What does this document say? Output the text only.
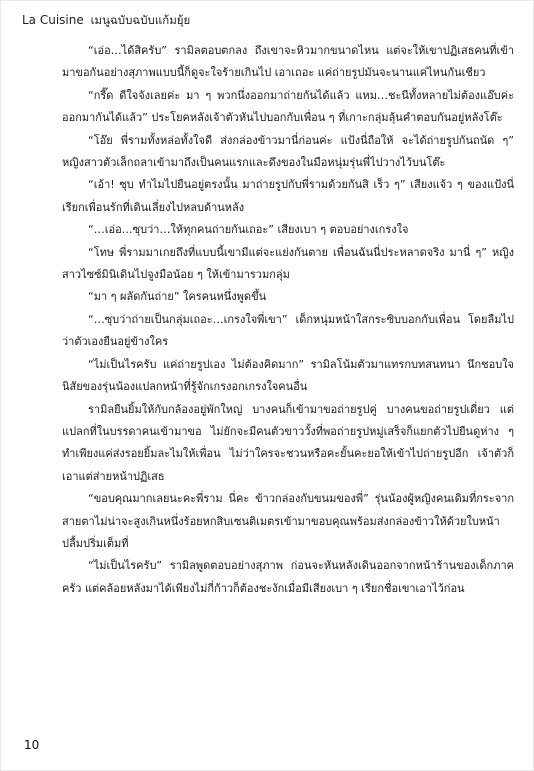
La Cuisine เมนูฉบับฉบับแก้มยุ้ย

“เอ่อ…ได้สิครับ” รามิลตอบตกลง ถึงเขาจะหิวมากขนาดไหน แต่จะให้เขาปฏิเสธคนที่เข้ามาขอกันอย่างสุภาพแบบนี้ก็ดูจะใจร้ายเกินไป เอาเถอะ แค่ถ่ายรูปมันจะนานแค่ไหนกันเชียว

“กรี๊ด ดีใจจังเลยค่ะ มา ๆ พวกนึ่งออกมาถ่ายกันได้แล้ว แหม…ชะนีทั้งหลายไม่ต้องแอ๊บค่ะ ออกมากันได้แล้ว” ประโยคหลังเจ้าตัวหันไปบอกกับเพื่อน ๆ ที่เกาะกลุ่มลุ้นคำตอบกันอยู่หลังโต๊ะ

“โอ๊ย พี่รามทั้งหล่อทั้งใจดี ส่งกล่องข้าวมานี่ก่อนค่ะ แป้งนี่ถือให้ จะได้ถ่ายรูปกันถนัด ๆ” หญิงสาวตัวเล็กถลาเข้ามาถึงเป็นคนแรกและดึงของในมือหนุ่มรุ่นพี่ไปวางไว้บนโต๊ะ

“เอ้า! ซุบ ทำไมไปยืนอยู่ตรงนั้น มาถ่ายรูปกับพี่รามด้วยกันสิ เร็ว ๆ” เสียงแจ้ว ๆ ของแป้งนี่เรียกเพื่อนรักที่เดินเลี่ยงไปหลบด้านหลัง

“…เอ่อ…ซุบว่า…ให้ทุกคนถ่ายกันเถอะ” เสียงเบา ๆ ตอบอย่างเกรงใจ

“โทษ พี่รามมาเกยถึงที่แบบนี้เขามีแต่จะแย่งกันตาย เพื่อนฉันนี่ประหลาดจริง มานี่ ๆ” หญิงสาวไซซ์มินิเดินไปจูงมือน้อย ๆ ให้เข้ามารวมกลุ่ม

“มา ๆ ผลัดกันถ่าย” ใครคนหนึ่งพูดขึ้น

“…ซุบว่าถ่ายเป็นกลุ่มเถอะ…เกรงใจพี่เขา” เด็กหนุ่มหน้าใสกระซิบบอกกับเพื่อน โดยลืมไปว่าตัวเองยืนอยู่ข้างใคร

“ไม่เป็นไรครับ แค่ถ่ายรูปเอง ไม่ต้องคิดมาก” รามิลโน้มตัวมาแทรกบทสนทนา นึกชอบใจนิสัยของรุ่นน้องแปลกหน้าที่รู้จักเกรงอกเกรงใจคนอื่น

รามิลยืนยิ้มให้กับกล้องอยู่พักใหญ่ บางคนก็เข้ามาขอถ่ายรูปคู่ บางคนขอถ่ายรูปเดี่ยว แต่แปลกที่ในบรรดาคนเข้ามาขอ ไม่ยักจะมีคนตัวขาววั้งที่พอถ่ายรูปหมู่เสร็จก็แยกตัวไปยืนดูห่าง ๆ ทำเพียงแค่ส่งรอยยิ้มละไมให้เพื่อน ไม่ว่าใครจะชวนหรือคะยั้นคะยอให้เข้าไปถ่ายรูปอีก เจ้าตัวก็เอาแต่ส่ายหน้าปฏิเสธ

“ขอบคุณมากเลยนะคะพี่ราม นี่คะ ข้าวกล่องกับขนมของพี่” รุ่นน้องผู้หญิงคนเดิมที่กระจากสายตาไม่น่าจะสูงเกินหนึ่งร้อยหกสิบเซนติเมตรเข้ามาขอบคุณพร้อมส่งกล่องข้าวให้ด้วยใบหน้าปลื้มปริ่มเต็มที่

“ไม่เป็นไรครับ” รามิลพูดตอบอย่างสุภาพ ก่อนจะหันหลังเดินออกจากหน้าร้านของเด็กภาคครัว แต่คล้อยหลังมาได้เพียงไม่กี่ก้าวก็ต้องชะงักเมื่อมีเสียงเบา ๆ เรียกชื่อเขาเอาไว้ก่อน

10
